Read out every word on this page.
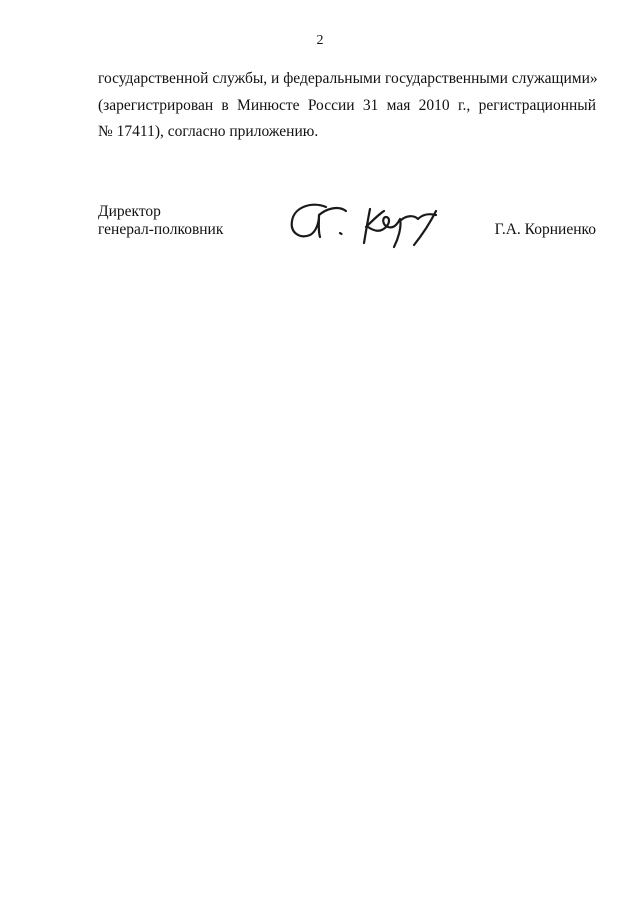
2
государственной службы, и федеральными государственными служащими»
(зарегистрирован в Минюсте России 31 мая 2010 г., регистрационный
№ 17411), согласно приложению.
Директор
генерал-полковник	Г.А. Корниенко
